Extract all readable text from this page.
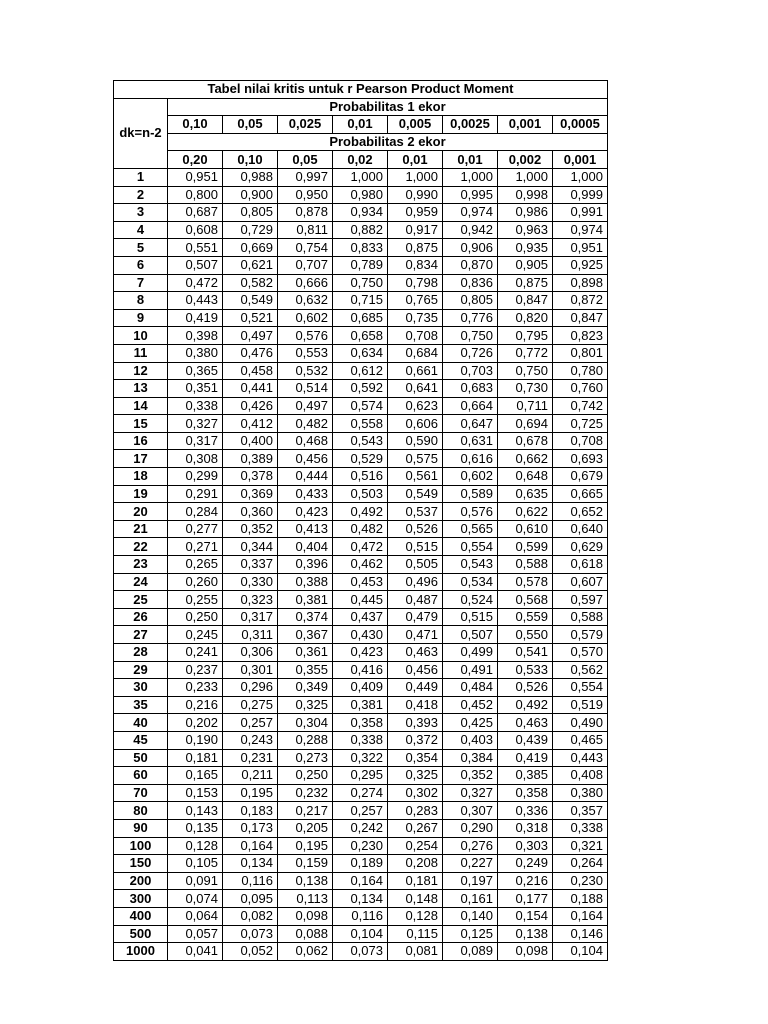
Tabel nilai kritis untuk r Pearson Product Moment								
dk=n-2	Probabilitas 1 ekor							
	0,10	0,05	0,025	0,01	0,005	0,0025	0,001	0,0005
	Probabilitas 2 ekor							
	0,20	0,10	0,05	0,02	0,01	0,01	0,002	0,001
1	0,951	0,988	0,997	1,000	1,000	1,000	1,000	1,000
2	0,800	0,900	0,950	0,980	0,990	0,995	0,998	0,999
3	0,687	0,805	0,878	0,934	0,959	0,974	0,986	0,991
4	0,608	0,729	0,811	0,882	0,917	0,942	0,963	0,974
5	0,551	0,669	0,754	0,833	0,875	0,906	0,935	0,951
6	0,507	0,621	0,707	0,789	0,834	0,870	0,905	0,925
7	0,472	0,582	0,666	0,750	0,798	0,836	0,875	0,898
8	0,443	0,549	0,632	0,715	0,765	0,805	0,847	0,872
9	0,419	0,521	0,602	0,685	0,735	0,776	0,820	0,847
10	0,398	0,497	0,576	0,658	0,708	0,750	0,795	0,823
11	0,380	0,476	0,553	0,634	0,684	0,726	0,772	0,801
12	0,365	0,458	0,532	0,612	0,661	0,703	0,750	0,780
13	0,351	0,441	0,514	0,592	0,641	0,683	0,730	0,760
14	0,338	0,426	0,497	0,574	0,623	0,664	0,711	0,742
15	0,327	0,412	0,482	0,558	0,606	0,647	0,694	0,725
16	0,317	0,400	0,468	0,543	0,590	0,631	0,678	0,708
17	0,308	0,389	0,456	0,529	0,575	0,616	0,662	0,693
18	0,299	0,378	0,444	0,516	0,561	0,602	0,648	0,679
19	0,291	0,369	0,433	0,503	0,549	0,589	0,635	0,665
20	0,284	0,360	0,423	0,492	0,537	0,576	0,622	0,652
21	0,277	0,352	0,413	0,482	0,526	0,565	0,610	0,640
22	0,271	0,344	0,404	0,472	0,515	0,554	0,599	0,629
23	0,265	0,337	0,396	0,462	0,505	0,543	0,588	0,618
24	0,260	0,330	0,388	0,453	0,496	0,534	0,578	0,607
25	0,255	0,323	0,381	0,445	0,487	0,524	0,568	0,597
26	0,250	0,317	0,374	0,437	0,479	0,515	0,559	0,588
27	0,245	0,311	0,367	0,430	0,471	0,507	0,550	0,579
28	0,241	0,306	0,361	0,423	0,463	0,499	0,541	0,570
29	0,237	0,301	0,355	0,416	0,456	0,491	0,533	0,562
30	0,233	0,296	0,349	0,409	0,449	0,484	0,526	0,554
35	0,216	0,275	0,325	0,381	0,418	0,452	0,492	0,519
40	0,202	0,257	0,304	0,358	0,393	0,425	0,463	0,490
45	0,190	0,243	0,288	0,338	0,372	0,403	0,439	0,465
50	0,181	0,231	0,273	0,322	0,354	0,384	0,419	0,443
60	0,165	0,211	0,250	0,295	0,325	0,352	0,385	0,408
70	0,153	0,195	0,232	0,274	0,302	0,327	0,358	0,380
80	0,143	0,183	0,217	0,257	0,283	0,307	0,336	0,357
90	0,135	0,173	0,205	0,242	0,267	0,290	0,318	0,338
100	0,128	0,164	0,195	0,230	0,254	0,276	0,303	0,321
150	0,105	0,134	0,159	0,189	0,208	0,227	0,249	0,264
200	0,091	0,116	0,138	0,164	0,181	0,197	0,216	0,230
300	0,074	0,095	0,113	0,134	0,148	0,161	0,177	0,188
400	0,064	0,082	0,098	0,116	0,128	0,140	0,154	0,164
500	0,057	0,073	0,088	0,104	0,115	0,125	0,138	0,146
1000	0,041	0,052	0,062	0,073	0,081	0,089	0,098	0,104
